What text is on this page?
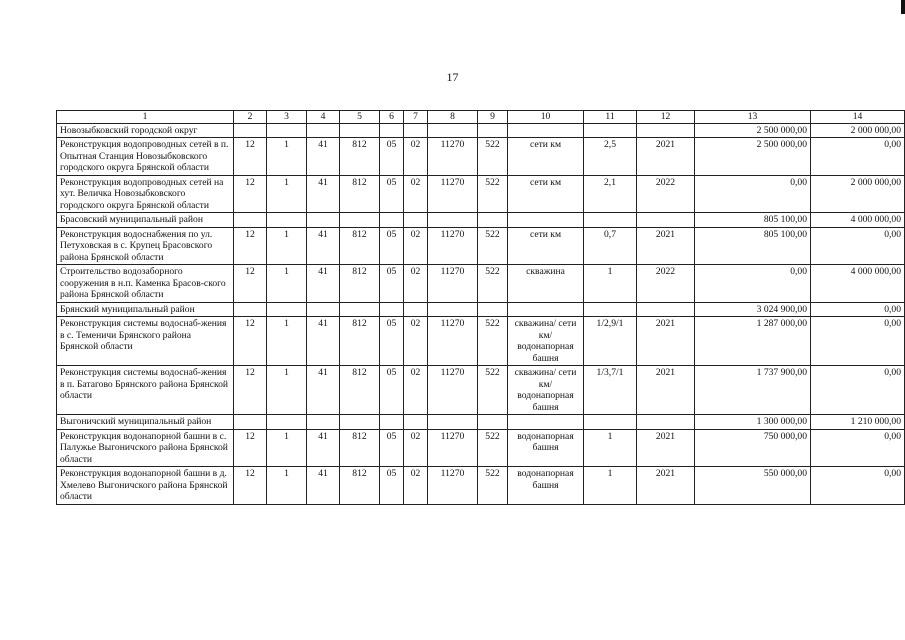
17
1	2	3	4	5	6	7	8	9	10	11	12	13	14
Новозыбковский городской округ												2 500 000,00	2 000 000,00
Реконструкция водопроводных сетей в п. Опытная Станция Новозыбковского городского округа Брянской области	12	1	41	812	05	02	11270	522	сети км	2,5	2021	2 500 000,00	0,00
Реконструкция водопроводных сетей на хут. Величка Новозыбковского городского округа Брянской области	12	1	41	812	05	02	11270	522	сети км	2,1	2022	0,00	2 000 000,00
Брасовский муниципальный район												805 100,00	4 000 000,00
Реконструкция водоснабжения по ул. Петуховская в с. Крупец Брасовского района Брянской области	12	1	41	812	05	02	11270	522	сети км	0,7	2021	805 100,00	0,00
Строительство водозаборного сооружения в н.п. Каменка Брасов-ского района Брянской области	12	1	41	812	05	02	11270	522	скважина	1	2022	0,00	4 000 000,00
Брянский муниципальный район												3 024 900,00	0,00
Реконструкция системы водоснаб-жения в с. Теменичи Брянского района Брянской области	12	1	41	812	05	02	11270	522	скважина/ сети км/ водонапорная башня	1/2,9/1	2021	1 287 000,00	0,00
Реконструкция системы водоснаб-жения в п. Батагово Брянского района Брянской области	12	1	41	812	05	02	11270	522	скважина/ сети км/ водонапорная башня	1/3,7/1	2021	1 737 900,00	0,00
Выгоничский муниципальный район												1 300 000,00	1 210 000,00
Реконструкция водонапорной башни в с. Палужье Выгоничского района Брянской области	12	1	41	812	05	02	11270	522	водонапорная башня	1	2021	750 000,00	0,00
Реконструкция водонапорной башни в д. Хмелево Выгоничского района Брянской области	12	1	41	812	05	02	11270	522	водонапорная башня	1	2021	550 000,00	0,00
